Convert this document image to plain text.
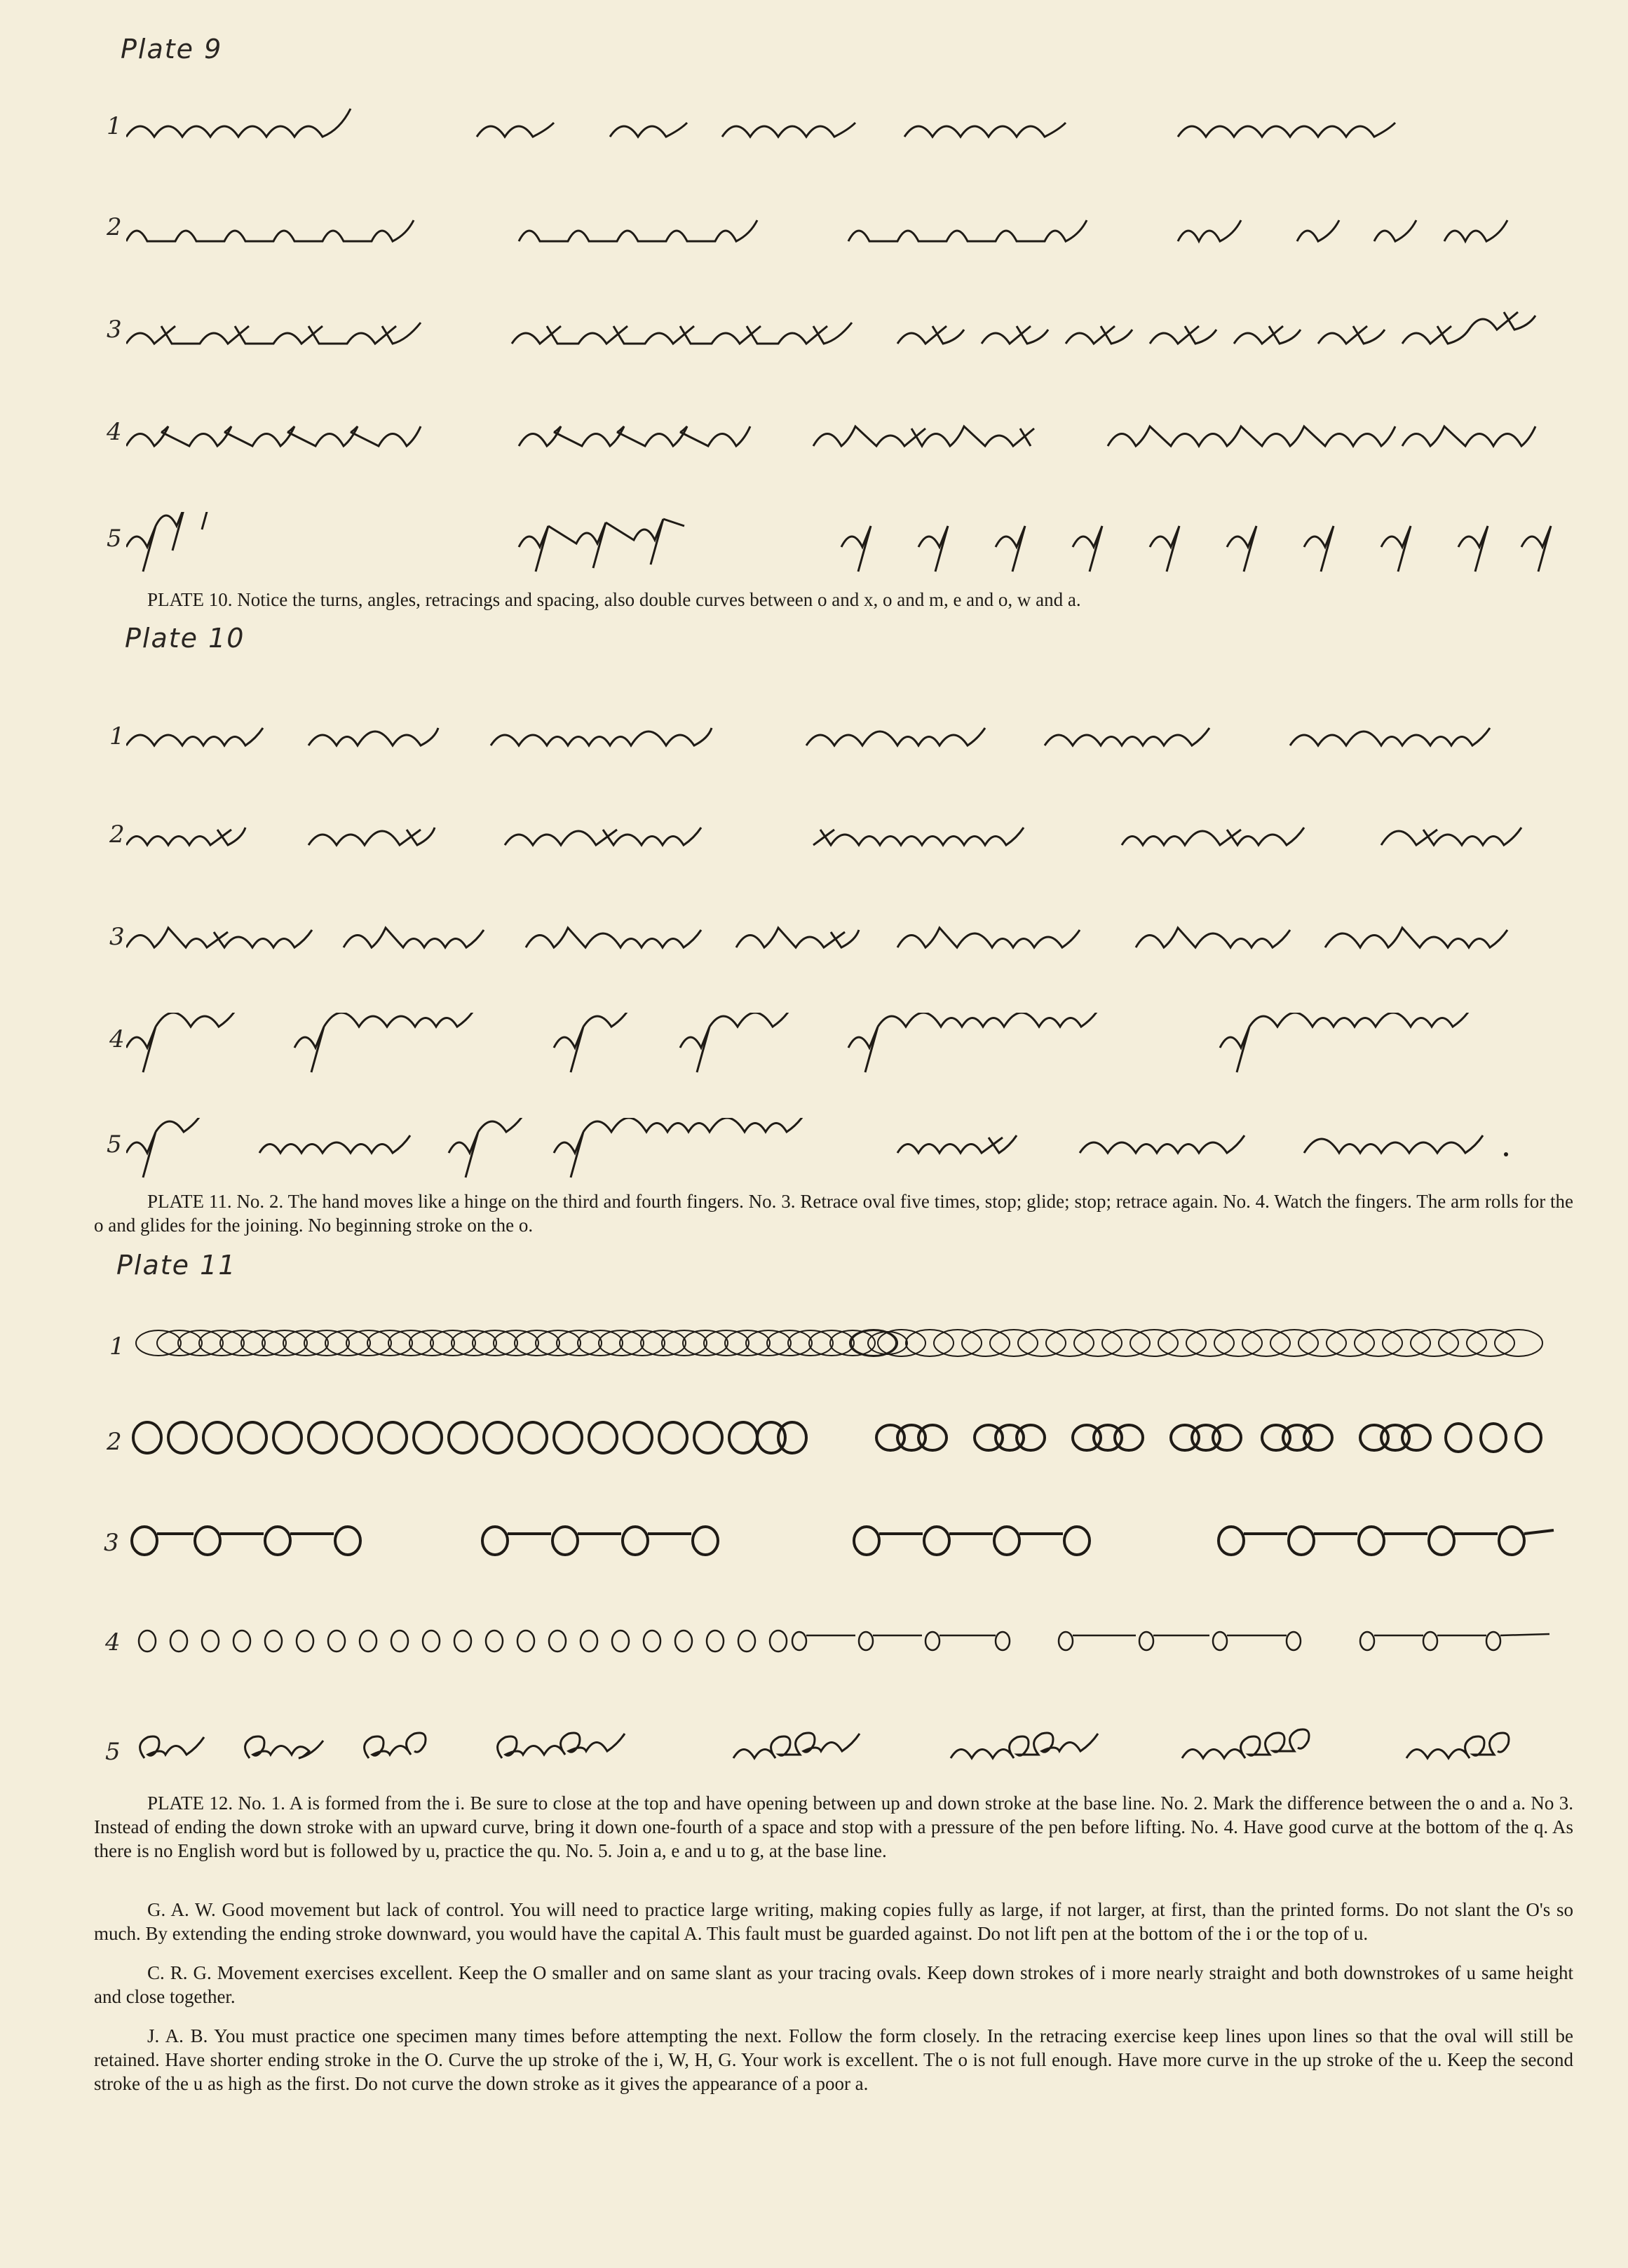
Plate 9
1
2
3
4
5
PLATE 10. Notice the turns, angles, retracings and spacing, also double curves between o and x, o and m, e and o, w and a.
Plate 10
1
2
3
4
5
PLATE 11. No. 2. The hand moves like a hinge on the third and fourth fingers. No. 3. Retrace oval five times, stop; glide; stop; retrace again. No. 4. Watch the fingers. The arm rolls for the o and glides for the joining. No beginning stroke on the o.
Plate 11
1
2
3
4
5
PLATE 12. No. 1. A is formed from the i. Be sure to close at the top and have opening between up and down stroke at the base line. No. 2. Mark the difference between the o and a. No 3. Instead of ending the down stroke with an upward curve, bring it down one-fourth of a space and stop with a pressure of the pen before lifting. No. 4. Have good curve at the bottom of the q. As there is no English word but is followed by u, practice the qu. No. 5. Join a, e and u to g, at the base line.

G. A. W. Good movement but lack of control. You will need to practice large writing, making copies fully as large, if not larger, at first, than the printed forms. Do not slant the O's so much. By extending the ending stroke downward, you would have the capital A. This fault must be guarded against. Do not lift pen at the bottom of the i or the top of u.

C. R. G. Movement exercises excellent. Keep the O smaller and on same slant as your tracing ovals. Keep down strokes of i more nearly straight and both downstrokes of u same height and close together.

J. A. B. You must practice one specimen many times before attempting the next. Follow the form closely. In the retracing exercise keep lines upon lines so that the oval will still be retained. Have shorter ending stroke in the O. Curve the up stroke of the i, W, H, G. Your work is excellent. The o is not full enough. Have more curve in the up stroke of the u. Keep the second stroke of the u as high as the first. Do not curve the down stroke as it gives the appearance of a poor a.
